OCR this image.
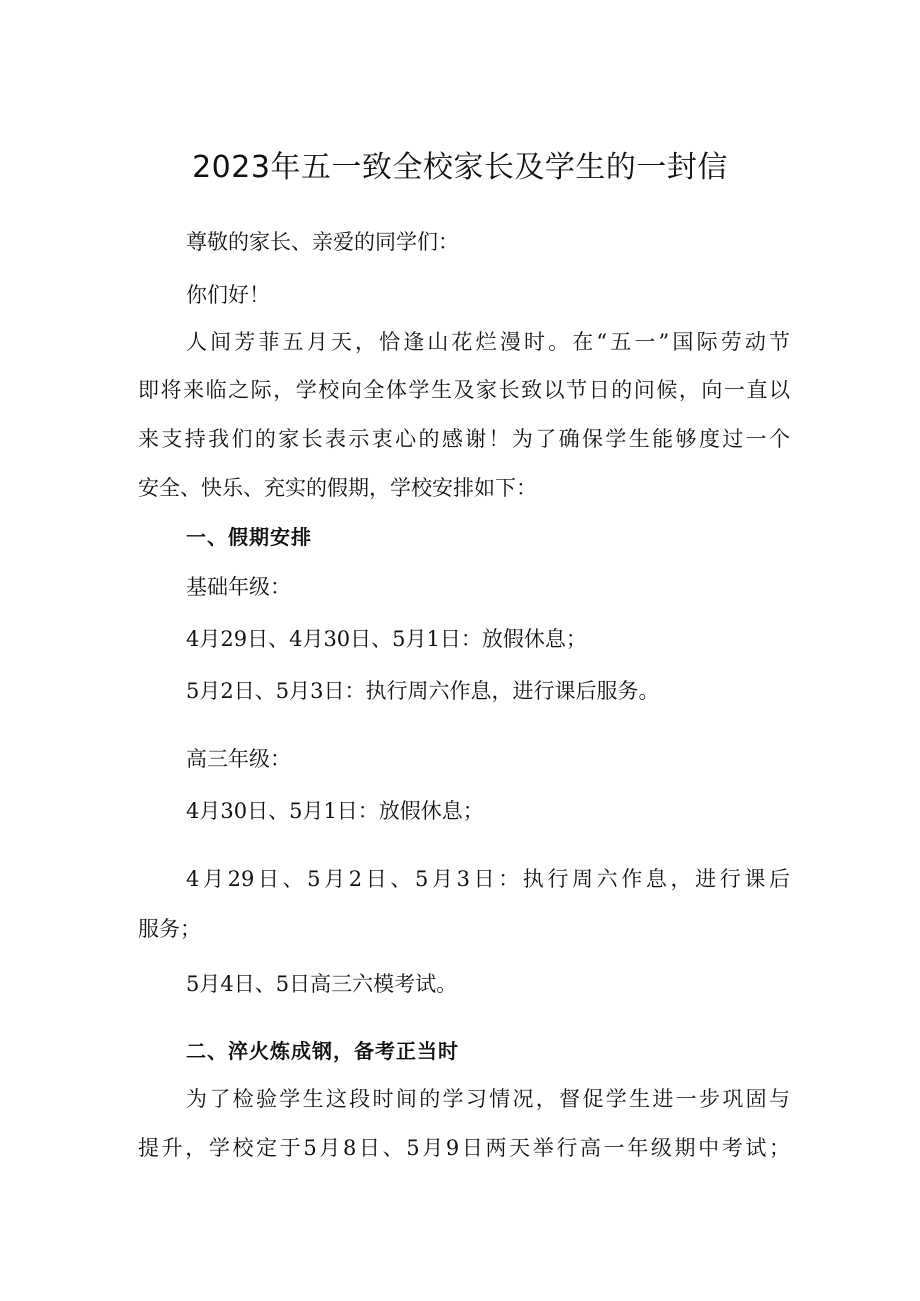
2023年五一致全校家长及学生的一封信

尊敬的家长、亲爱的同学们：

你们好！

人间芳菲五月天，恰逢山花烂漫时。在“五一”国际劳动节

即将来临之际，学校向全体学生及家长致以节日的问候，向一直以

来支持我们的家长表示衷心的感谢！为了确保学生能够度过一个

安全、快乐、充实的假期，学校安排如下：

一、假期安排

基础年级：

4月29日、4月30日、5月1日：放假休息；

5月2日、5月3日：执行周六作息，进行课后服务。

高三年级：

4月30日、5月1日：放假休息；

4月29日、5月2日、5月3日：执行周六作息，进行课后

服务；

5月4日、5日高三六模考试。

二、淬火炼成钢，备考正当时

为了检验学生这段时间的学习情况，督促学生进一步巩固与

提升，学校定于5月8日、5月9日两天举行高一年级期中考试；
